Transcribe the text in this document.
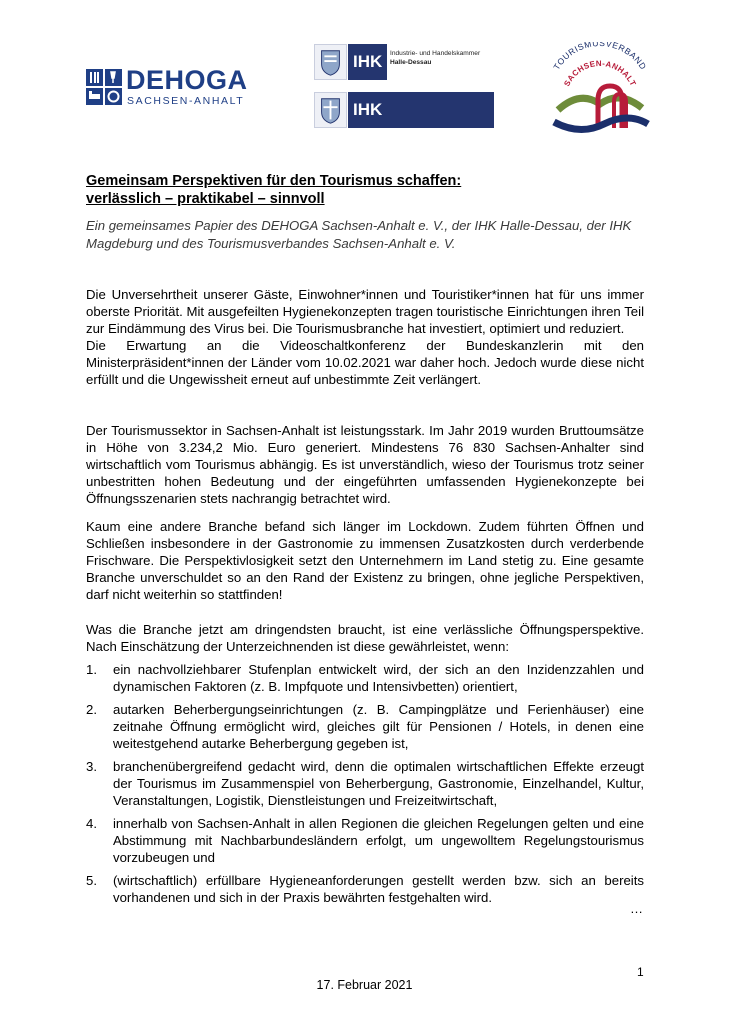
DEHOGA
SACHSEN-ANHALT
IHK	Industrie- und Handelskammer
Halle-Dessau
IHK MAGDEBURG
TOURISMUSVERBAND
SACHSEN-ANHALT
Gemeinsam Perspektiven für den Tourismus schaffen:
verlässlich – praktikabel – sinnvoll
Ein gemeinsames Papier des DEHOGA Sachsen-Anhalt e. V., der IHK Halle-Dessau, der IHK Magdeburg und des Tourismusverbandes Sachsen-Anhalt e. V.

Die Unversehrtheit unserer Gäste, Einwohner*innen und Touristiker*innen hat für uns immer oberste Priorität. Mit ausgefeilten Hygienekonzepten tragen touristische Einrichtungen ihren Teil zur Eindämmung des Virus bei. Die Tourismusbranche hat investiert, optimiert und reduziert.

Die Erwartung an die Videoschaltkonferenz der Bundeskanzlerin mit den Ministerpräsident*innen der Länder vom 10.02.2021 war daher hoch. Jedoch wurde diese nicht erfüllt und die Ungewissheit erneut auf unbestimmte Zeit verlängert.

Der Tourismussektor in Sachsen-Anhalt ist leistungsstark. Im Jahr 2019 wurden Bruttoumsätze in Höhe von 3.234,2 Mio. Euro generiert. Mindestens 76 830 Sachsen-Anhalter sind wirtschaftlich vom Tourismus abhängig. Es ist unverständlich, wieso der Tourismus trotz seiner unbestritten hohen Bedeutung und der eingeführten umfassenden Hygienekonzepte bei Öffnungsszenarien stets nachrangig betrachtet wird.
Kaum eine andere Branche befand sich länger im Lockdown. Zudem führten Öffnen und Schließen insbesondere in der Gastronomie zu immensen Zusatzkosten durch verderbende Frischware. Die Perspektivlosigkeit setzt den Unternehmern im Land stetig zu. Eine gesamte Branche unverschuldet so an den Rand der Existenz zu bringen, ohne jegliche Perspektiven, darf nicht weiterhin so stattfinden!
Was die Branche jetzt am dringendsten braucht, ist eine verlässliche Öffnungsperspektive. Nach Einschätzung der Unterzeichnenden ist diese gewährleistet, wenn:
1.	ein nachvollziehbarer Stufenplan entwickelt wird, der sich an den Inzidenzzahlen und dynamischen Faktoren (z. B. Impfquote und Intensivbetten) orientiert,
2.	autarken Beherbergungseinrichtungen (z. B. Campingplätze und Ferienhäuser) eine zeitnahe Öffnung ermöglicht wird, gleiches gilt für Pensionen / Hotels, in denen eine weitestgehend autarke Beherbergung gegeben ist,
3.	branchenübergreifend gedacht wird, denn die optimalen wirtschaftlichen Effekte erzeugt der Tourismus im Zusammenspiel von Beherbergung, Gastronomie, Einzelhandel, Kultur, Veranstaltungen, Logistik, Dienstleistungen und Freizeitwirtschaft,
4.	innerhalb von Sachsen-Anhalt in allen Regionen die gleichen Regelungen gelten und eine Abstimmung mit Nachbarbundesländern erfolgt, um ungewolltem Regelungstourismus vorzubeugen und
5.	(wirtschaftlich) erfüllbare Hygieneanforderungen gestellt werden bzw. sich an bereits vorhandenen und sich in der Praxis bewährten festgehalten wird.
…
1
17. Februar 2021
